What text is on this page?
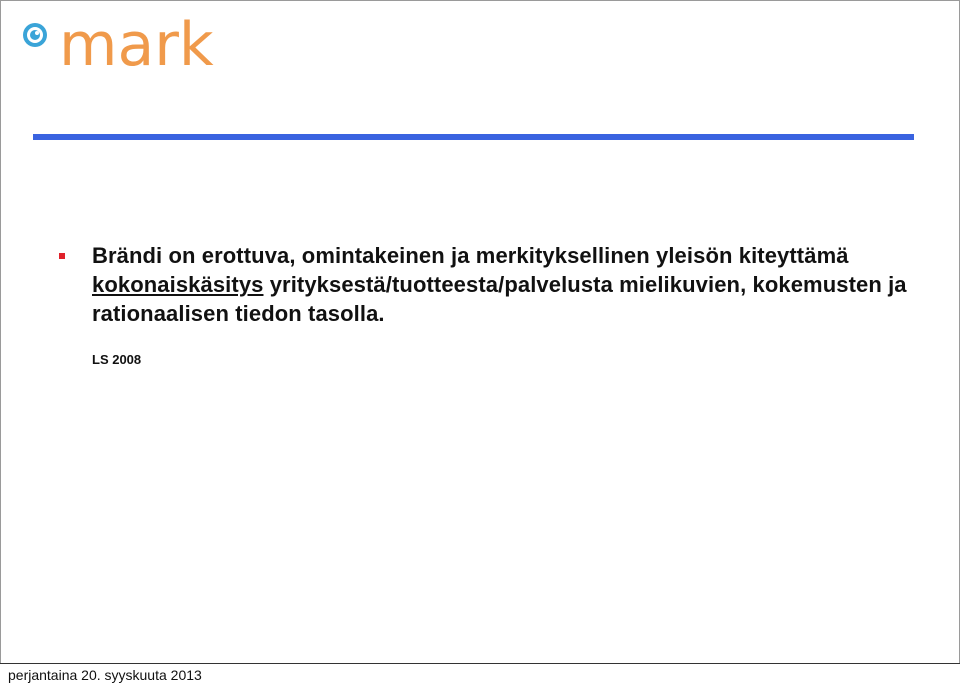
mark
Brändi on erottuva, omintakeinen ja merkityksellinen yleisön kiteyttämä kokonaiskäsitys yrityksestä/tuotteesta/palvelusta mielikuvien, kokemusten ja rationaalisen tiedon tasolla.
LS 2008
perjantaina 20. syyskuuta 2013
